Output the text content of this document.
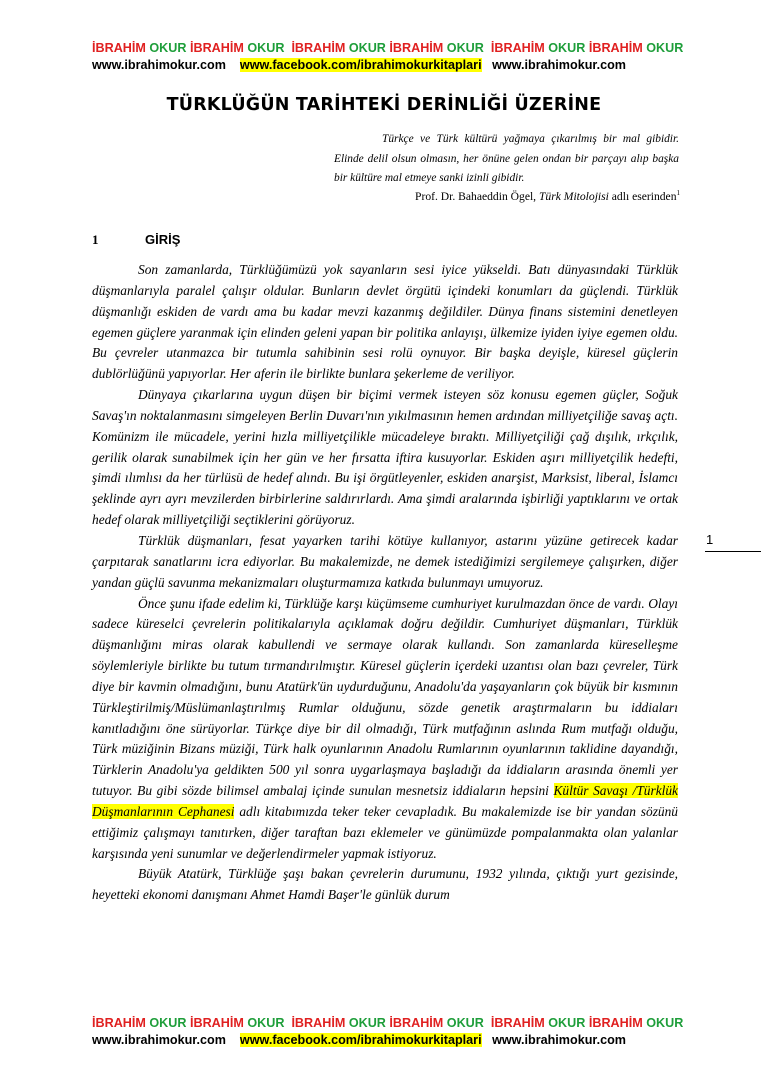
İBRAHİM OKUR İBRAHİM OKUR İBRAHİM OKUR İBRAHİM OKUR İBRAHİM OKUR İBRAHİM OKUR
www.ibrahimokur.com www.facebook.com/ibrahimokurkitaplari www.ibrahimokur.com
TÜRKLÜĞÜN TARİHTEKİ DERİNLİĞİ ÜZERİNE
Türkçe ve Türk kültürü yağmaya çıkarılmış bir mal gibidir. Elinde delil olsun olmasın, her önüne gelen ondan bir parçayı alıp başka bir kültüre mal etmeye sanki izinli gibidir.
Prof. Dr. Bahaeddin Ögel, Türk Mitolojisi adlı eserinden$^1$
1	GİRİŞ

Son zamanlarda, Türklüğümüzü yok sayanların sesi iyice yükseldi. Batı dünyasındaki Türklük düşmanlarıyla paralel çalışır oldular. Bunların devlet örgütü içindeki konumları da güçlendi. Türklük düşmanlığı eskiden de vardı ama bu kadar mevzi kazanmış değildiler. Dünya finans sistemini denetleyen egemen güçlere yaranmak için elinden geleni yapan bir politika anlayışı, ülkemize iyiden iyiye egemen oldu. Bu çevreler utanmazca bir tutumla sahibinin sesi rolü oynuyor. Bir başka deyişle, küresel güçlerin dublörlüğünü yapıyorlar. Her aferin ile birlikte bunlara şekerleme de veriliyor.

Dünyaya çıkarlarına uygun düşen bir biçimi vermek isteyen söz konusu egemen güçler, Soğuk Savaş'ın noktalanmasını simgeleyen Berlin Duvarı'nın yıkılmasının hemen ardından milliyetçiliğe savaş açtı. Komünizm ile mücadele, yerini hızla milliyetçilikle mücadeleye bıraktı. Milliyetçiliği çağ dışılık, ırkçılık, gerilik olarak sunabilmek için her gün ve her fırsatta iftira kusuyorlar. Eskiden aşırı milliyetçilik hedefti, şimdi ılımlısı da her türlüsü de hedef alındı. Bu işi örgütleyenler, eskiden anarşist, Marksist, liberal, İslamcı şeklinde ayrı ayrı mevzilerden birbirlerine saldırırlardı. Ama şimdi aralarında işbirliği yaptıklarını ve ortak hedef olarak milliyetçiliği seçtiklerini görüyoruz.

Türklük düşmanları, fesat yayarken tarihi kötüye kullanıyor, astarını yüzüne getirecek kadar çarpıtarak sanatlarını icra ediyorlar. Bu makalemizde, ne demek istediğimizi sergilemeye çalışırken, diğer yandan güçlü savunma mekanizmaları oluşturmamıza katkıda bulunmayı umuyoruz.

Önce şunu ifade edelim ki, Türklüğe karşı küçümseme cumhuriyet kurulmazdan önce de vardı. Olayı sadece küreselci çevrelerin politikalarıyla açıklamak doğru değildir. Cumhuriyet düşmanları, Türklük düşmanlığını miras olarak kabullendi ve sermaye olarak kullandı. Son zamanlarda küreselleşme söylemleriyle birlikte bu tutum tırmandırılmıştır. Küresel güçlerin içerdeki uzantısı olan bazı çevreler, Türk diye bir kavmin olmadığını, bunu Atatürk'ün uydurduğunu, Anadolu'da yaşayanların çok büyük bir kısmının Türkleştirilmiş/Müslümanlaştırılmış Rumlar olduğunu, sözde genetik araştırmaların bu iddiaları kanıtladığını öne sürüyorlar. Türkçe diye bir dil olmadığı, Türk mutfağının aslında Rum mutfağı olduğu, Türk müziğinin Bizans müziği, Türk halk oyunlarının Anadolu Rumlarının oyunlarının taklidine dayandığı, Türklerin Anadolu'ya geldikten 500 yıl sonra uygarlaşmaya başladığı da iddiaların arasında önemli yer tutuyor. Bu gibi sözde bilimsel ambalaj içinde sunulan mesnetsiz iddiaların hepsini Kültür Savaşı /Türklük Düşmanlarının Cephanesi adlı kitabımızda teker teker cevapladık. Bu makalemizde ise bir yandan sözünü ettiğimiz çalışmayı tanıtırken, diğer taraftan bazı eklemeler ve günümüzde pompalanmakta olan yalanlar karşısında yeni sunumlar ve değerlendirmeler yapmak istiyoruz.

Büyük Atatürk, Türklüğe şaşı bakan çevrelerin durumunu, 1932 yılında, çıktığı yurt gezisinde, heyetteki ekonomi danışmanı Ahmet Hamdi Başer'le günlük durum

1
İBRAHİM OKUR İBRAHİM OKUR İBRAHİM OKUR İBRAHİM OKUR İBRAHİM OKUR İBRAHİM OKUR
www.ibrahimokur.com www.facebook.com/ibrahimokurkitaplari www.ibrahimokur.com
